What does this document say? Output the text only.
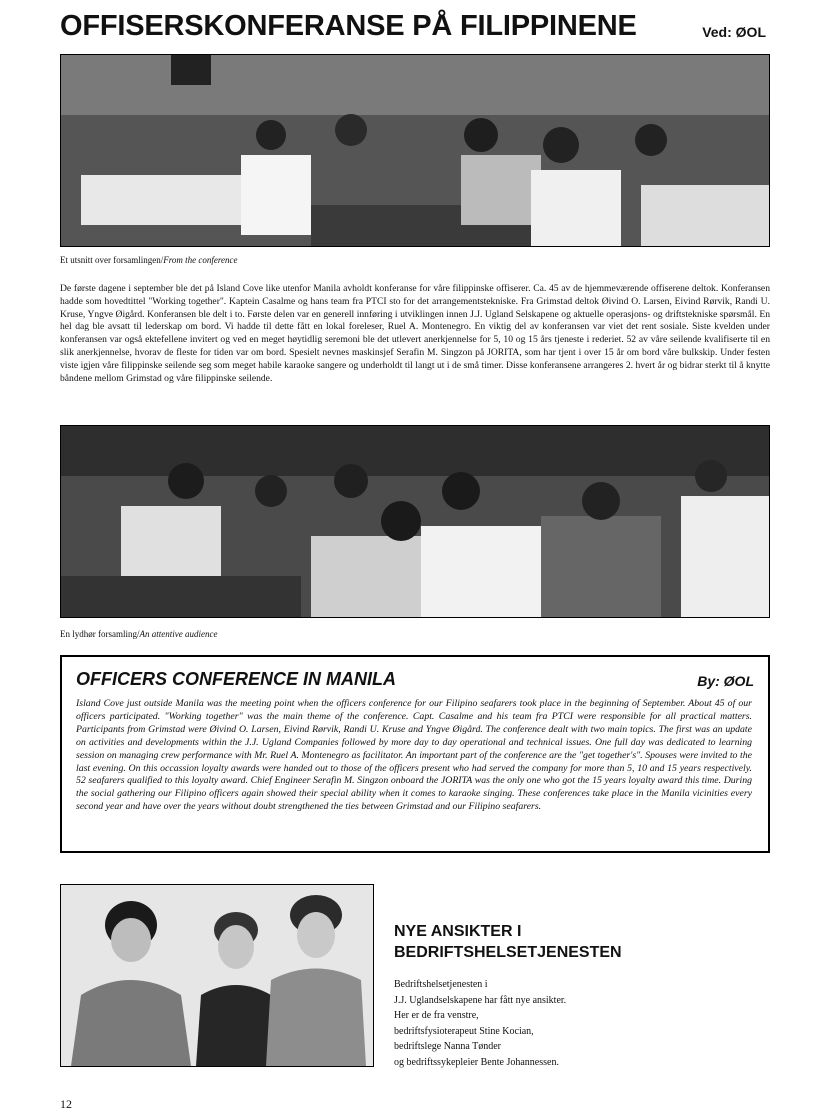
OFFISERSKONFERANSE PÅ FILIPPINENE	Ved: ØOL
Et utsnitt over forsamlingen/From the conference
De første dagene i september ble det på Island Cove like utenfor Manila avholdt konferanse for våre filippinske offiserer. Ca. 45 av de hjemmeværende offiserene deltok. Konferansen hadde som hovedtittel "Working together". Kaptein Casalme og hans team fra PTCI sto for det arrangementstekniske. Fra Grimstad deltok Øivind O. Larsen, Eivind Rørvik, Randi U. Kruse, Yngve Øigård. Konferansen ble delt i to. Første delen var en generell innføring i utviklingen innen J.J. Ugland Selskapene og aktuelle operasjons- og driftstekniske spørsmål. En hel dag ble avsatt til lederskap om bord. Vi hadde til dette fått en lokal foreleser, Ruel A. Montenegro. En viktig del av konferansen var viet det rent sosiale. Siste kvelden under konferansen var også ektefellene invitert og ved en meget høytidlig seremoni ble det utlevert anerkjennelse for 5, 10 og 15 års tjeneste i rederiet. 52 av våre seilende kvalifiserte til en slik anerkjennelse, hvorav de fleste for tiden var om bord. Spesielt nevnes maskinsjef Serafin M. Singzon på JORITA, som har tjent i over 15 år om bord våre bulkskip. Under festen viste igjen våre filippinske seilende seg som meget habile karaoke sangere og underholdt til langt ut i de små timer. Disse konferansene arrangeres 2. hvert år og bidrar sterkt til å knytte båndene mellom Grimstad og våre filippinske seilende.
En lydhør forsamling/An attentive audience
OFFICERS CONFERENCE IN MANILA	By: ØOL
Island Cove just outside Manila was the meeting point when the officers conference for our Filipino seafarers took place in the beginning of September. About 45 of our officers participated. "Working together" was the main theme of the conference. Capt. Casalme and his team fra PTCI were responsible for all practical matters. Participants from Grimstad were Øivind O. Larsen, Eivind Rørvik, Randi U. Kruse and Yngve Øigård. The conference dealt with two main topics. The first was an update on activities and developments within the J.J. Ugland Companies followed by more day to day operational and technical issues. One full day was dedicated to learning session on managing crew performance with Mr. Ruel A. Montenegro as facilitator. An important part of the conference are the "get together's". Spouses were invited to the last evening. On this occassion loyalty awards were handed out to those of the officers present who had served the company for more than 5, 10 and 15 years respectively. 52 seafarers qualified to this loyalty award. Chief Engineer Serafin M. Singzon onboard the JORITA was the only one who got the 15 years loyalty award this time. During the social gathering our Filipino officers again showed their special ability when it comes to karaoke singing. These conferences take place in the Manila vicinities every second year and have over the years without doubt strengthened the ties between Grimstad and our Filipino seafarers.
NYE ANSIKTER I
BEDRIFTSHELSETJENESTEN
Bedriftshelsetjenesten i
J.J. Uglandselskapene har fått nye ansikter.
Her er de fra venstre,
bedriftsfysioterapeut Stine Kocian,
bedriftslege Nanna Tønder
og bedriftssykepleier Bente Johannessen.
12
